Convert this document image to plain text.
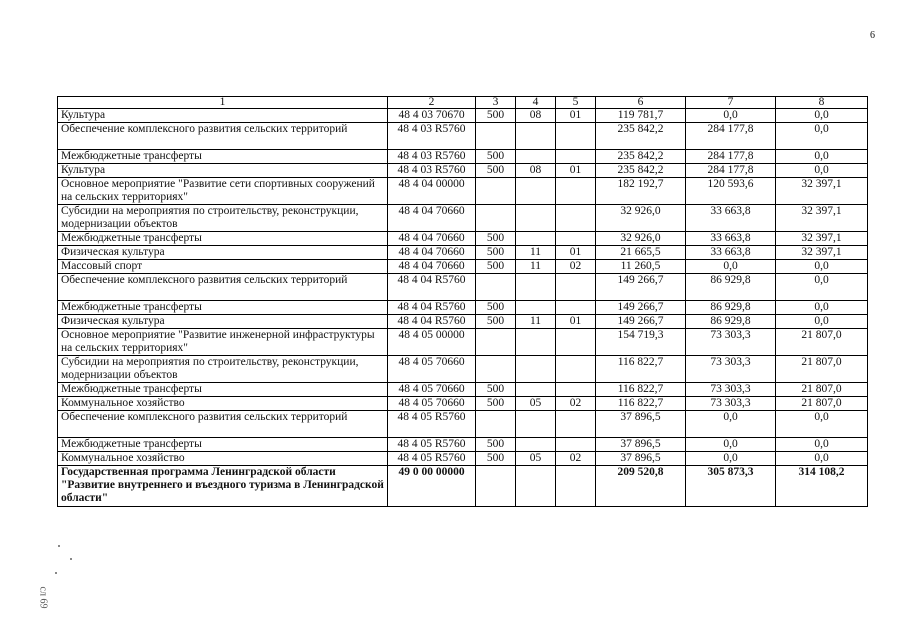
6
1	2	3	4	5	6	7	8
Культура	48 4 03 70670	500	08	01	119 781,7	0,0	0,0
Обеспечение комплексного развития сельских территорий	48 4 03 R5760				235 842,2	284 177,8	0,0
Межбюджетные трансферты	48 4 03 R5760	500			235 842,2	284 177,8	0,0
Культура	48 4 03 R5760	500	08	01	235 842,2	284 177,8	0,0
Основное мероприятие "Развитие сети спортивных сооружений на сельских территориях"	48 4 04 00000				182 192,7	120 593,6	32 397,1
Субсидии на мероприятия по строительству, реконструкции, модернизации объектов	48 4 04 70660				32 926,0	33 663,8	32 397,1
Межбюджетные трансферты	48 4 04 70660	500			32 926,0	33 663,8	32 397,1
Физическая культура	48 4 04 70660	500	11	01	21 665,5	33 663,8	32 397,1
Массовый спорт	48 4 04 70660	500	11	02	11 260,5	0,0	0,0
Обеспечение комплексного развития сельских территорий	48 4 04 R5760				149 266,7	86 929,8	0,0
Межбюджетные трансферты	48 4 04 R5760	500			149 266,7	86 929,8	0,0
Физическая культура	48 4 04 R5760	500	11	01	149 266,7	86 929,8	0,0
Основное мероприятие "Развитие инженерной инфраструктуры на сельских территориях"	48 4 05 00000				154 719,3	73 303,3	21 807,0
Субсидии на мероприятия по строительству, реконструкции, модернизации объектов	48 4 05 70660				116 822,7	73 303,3	21 807,0
Межбюджетные трансферты	48 4 05 70660	500			116 822,7	73 303,3	21 807,0
Коммунальное хозяйство	48 4 05 70660	500	05	02	116 822,7	73 303,3	21 807,0
Обеспечение комплексного развития сельских территорий	48 4 05 R5760				37 896,5	0,0	0,0
Межбюджетные трансферты	48 4 05 R5760	500			37 896,5	0,0	0,0
Коммунальное хозяйство	48 4 05 R5760	500	05	02	37 896,5	0,0	0,0
Государственная программа Ленинградской области "Развитие внутреннего и въездного туризма в Ленинградской области"	49 0 00 00000				209 520,8	305 873,3	314 108,2
сл 69
